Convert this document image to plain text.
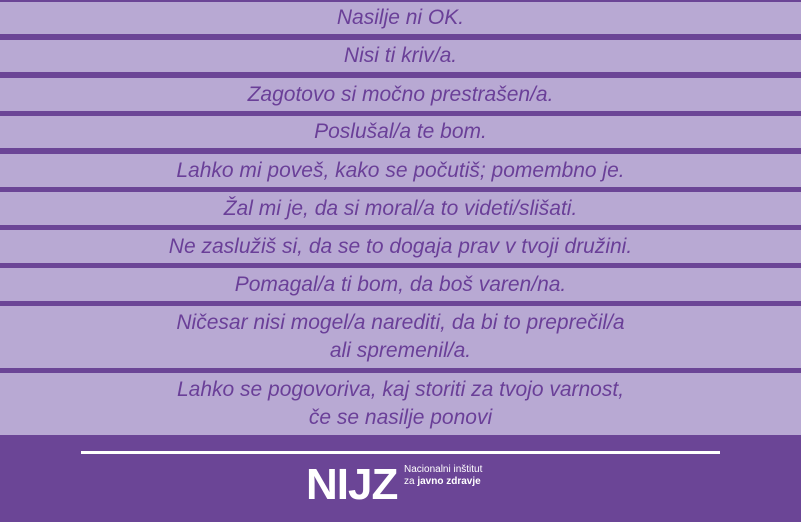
Nasilje ni OK.
Nisi ti kriv/a.
Zagotovo si močno prestrašen/a.
Poslušal/a te bom.
Lahko mi poveš, kako se počutiš; pomembno je.
Žal mi je, da si moral/a to videti/slišati.
Ne zaslužiš si, da se to dogaja prav v tvoji družini.
Pomagal/a ti bom, da boš varen/na.
Ničesar nisi mogel/a narediti, da bi to preprečil/a
ali spremenil/a.
Lahko se pogovoriva, kaj storiti za tvojo varnost,
če se nasilje ponovi
NIJZ Nacionalni inštitut
za javno zdravje
